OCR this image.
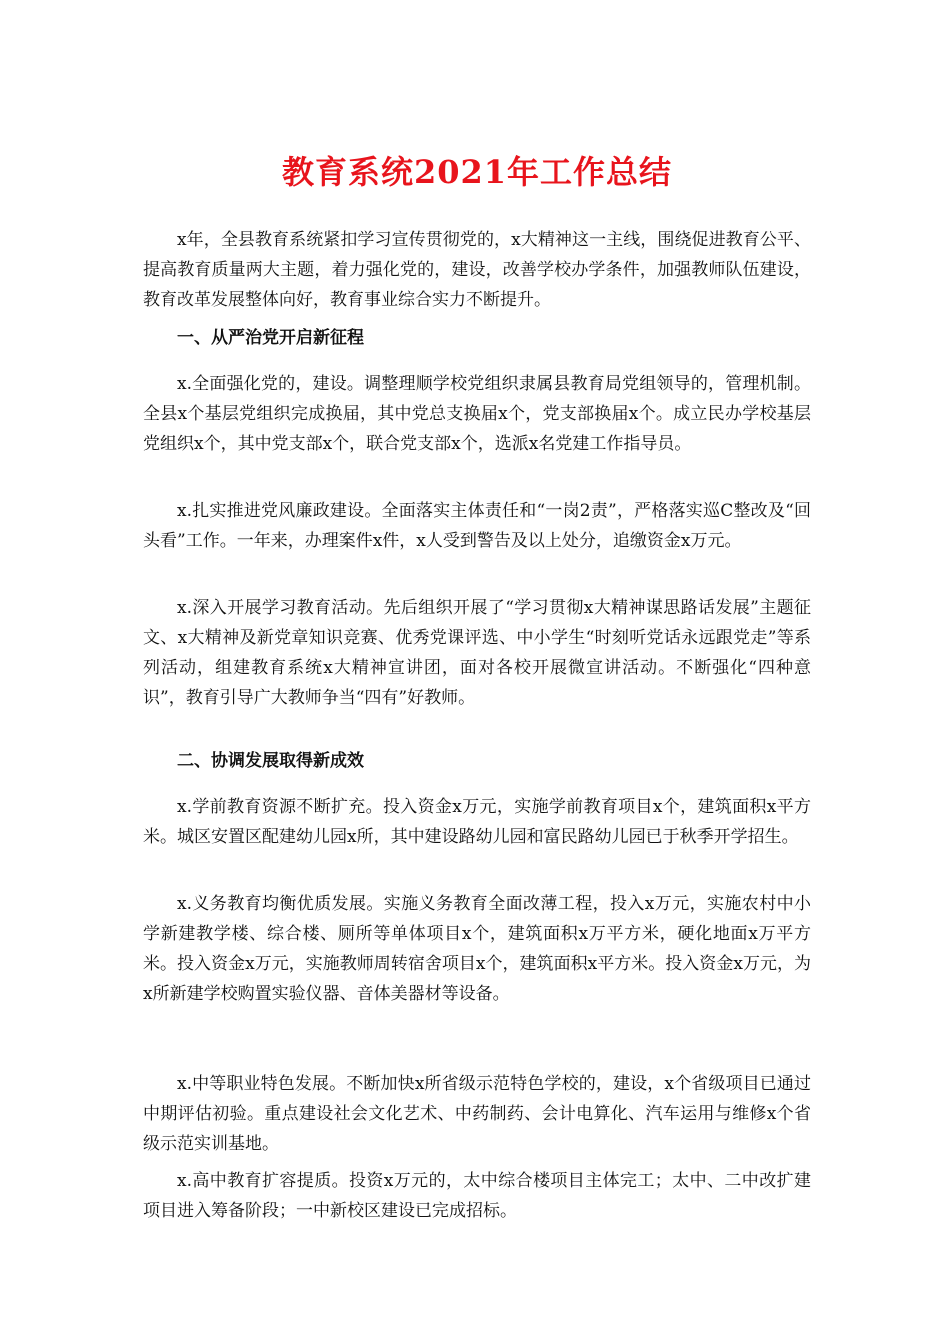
教育系统2021年工作总结
x年，全县教育系统紧扣学习宣传贯彻党的，x大精神这一主线，围绕促进教育公平、提高教育质量两大主题，着力强化党的，建设，改善学校办学条件，加强教师队伍建设，教育改革发展整体向好，教育事业综合实力不断提升。
一、从严治党开启新征程
x.全面强化党的，建设。调整理顺学校党组织隶属县教育局党组领导的，管理机制。全县x个基层党组织完成换届，其中党总支换届x个，党支部换届x个。成立民办学校基层党组织x个，其中党支部x个，联合党支部x个，选派x名党建工作指导员。
x.扎实推进党风廉政建设。全面落实主体责任和“一岗2责”，严格落实巡C整改及“回头看”工作。一年来，办理案件x件，x人受到警告及以上处分，追缴资金x万元。
x.深入开展学习教育活动。先后组织开展了“学习贯彻x大精神谋思路话发展”主题征文、x大精神及新党章知识竞赛、优秀党课评选、中小学生“时刻听党话永远跟党走”等系列活动，组建教育系统x大精神宣讲团，面对各校开展微宣讲活动。不断强化“四种意识”，教育引导广大教师争当“四有”好教师。
二、协调发展取得新成效
x.学前教育资源不断扩充。投入资金x万元，实施学前教育项目x个，建筑面积x平方米。城区安置区配建幼儿园x所，其中建设路幼儿园和富民路幼儿园已于秋季开学招生。
x.义务教育均衡优质发展。实施义务教育全面改薄工程，投入x万元，实施农村中小学新建教学楼、综合楼、厕所等单体项目x个，建筑面积x万平方米，硬化地面x万平方米。投入资金x万元，实施教师周转宿舍项目x个，建筑面积x平方米。投入资金x万元，为x所新建学校购置实验仪器、音体美器材等设备。
x.中等职业特色发展。不断加快x所省级示范特色学校的，建设，x个省级项目已通过中期评估初验。重点建设社会文化艺术、中药制药、会计电算化、汽车运用与维修x个省级示范实训基地。
x.高中教育扩容提质。投资x万元的，太中综合楼项目主体完工；太中、二中改扩建项目进入筹备阶段；一中新校区建设已完成招标。
